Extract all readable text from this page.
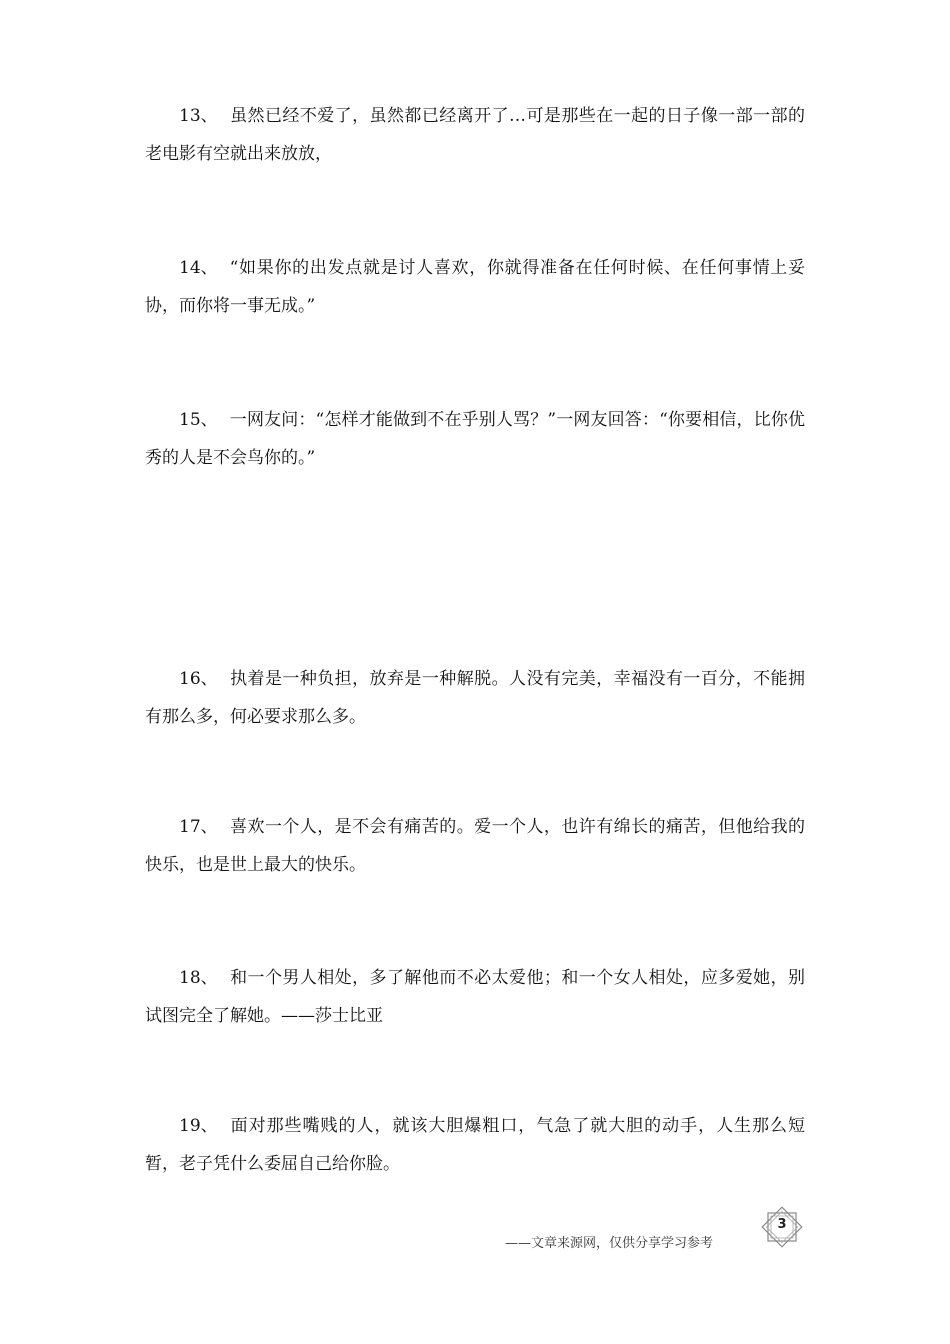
13、 虽然已经不爱了，虽然都已经离开了…可是那些在一起的日子像一部一部的老电影有空就出来放放，
14、 “如果你的出发点就是讨人喜欢，你就得准备在任何时候、在任何事情上妥协，而你将一事无成。”
15、 一网友问：“怎样才能做到不在乎别人骂？”一网友回答：“你要相信，比你优秀的人是不会鸟你的。”
16、 执着是一种负担，放弃是一种解脱。人没有完美，幸福没有一百分，不能拥有那么多，何必要求那么多。
17、 喜欢一个人，是不会有痛苦的。爱一个人，也许有绵长的痛苦，但他给我的快乐，也是世上最大的快乐。
18、 和一个男人相处，多了解他而不必太爱他；和一个女人相处，应多爱她，别试图完全了解她。——莎士比亚
19、 面对那些嘴贱的人，就该大胆爆粗口，气急了就大胆的动手，人生那么短暂，老子凭什么委屈自己给你脸。
——文章来源网，仅供分享学习参考
3
